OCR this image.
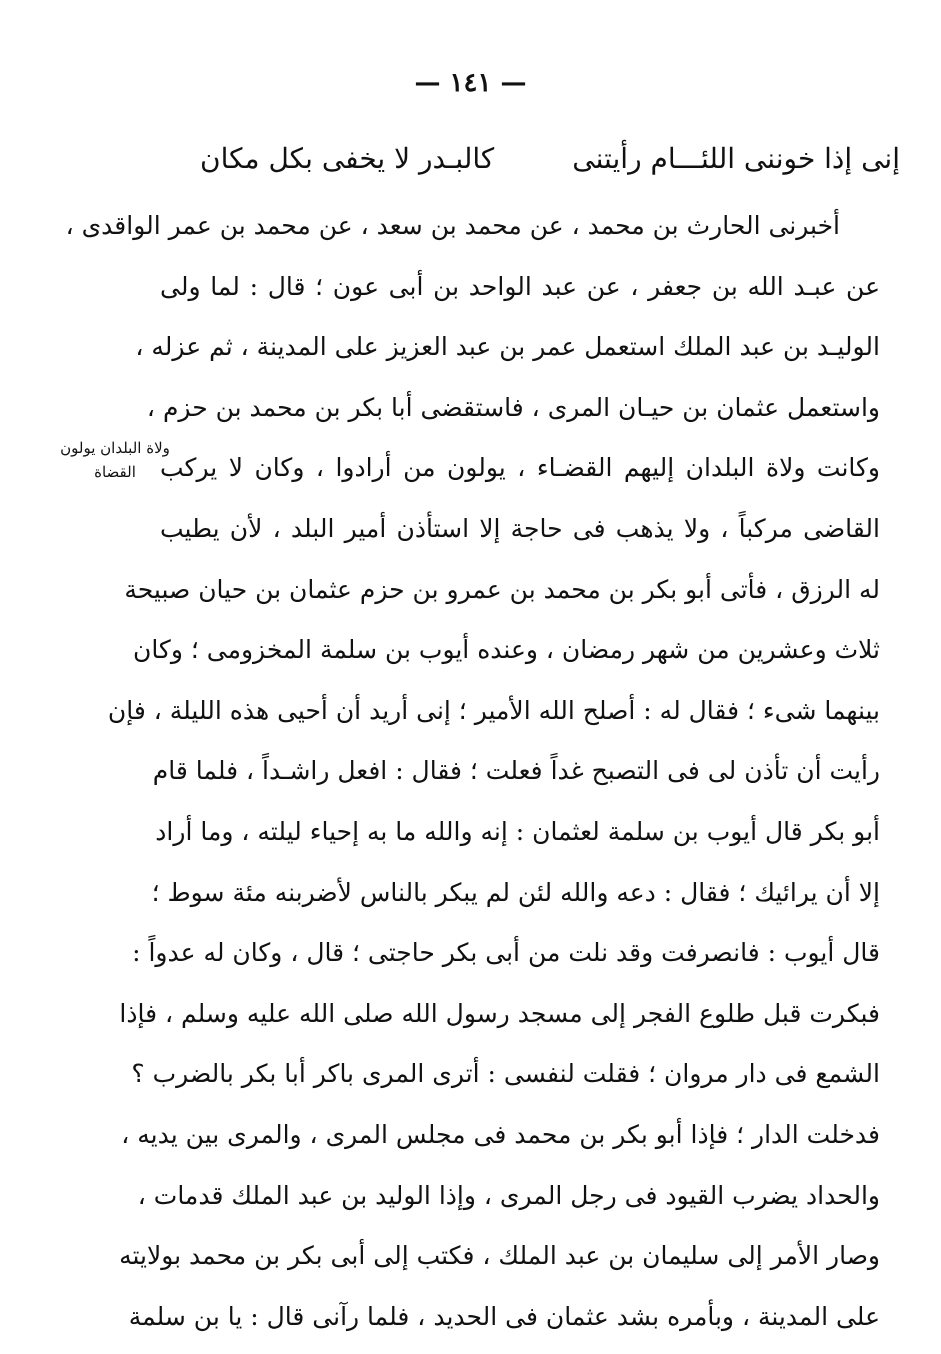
— ١٤١ —
إنى إذا خوننى اللئـــام رأيتنى
كالبـدر لا يخفى بكل مكان
ولاة البلدان يولون
القضاة
أخبرنى الحارث بن محمد ، عن محمد بن سعد ، عن محمد بن عمر الواقدى ،
عن عبـد الله بن جعفر ، عن عبد الواحد بن أبى عون ؛ قال : لما ولى
الوليـد بن عبد الملك استعمل عمر بن عبد العزيز على المدينة ، ثم عزله ،
واستعمل عثمان بن حيـان المرى ، فاستقضى أبا بكر بن محمد بن حزم ،
وكانت ولاة البلدان إليهم القضـاء ، يولون من أرادوا ، وكان لا يركب
القاضى مركباً ، ولا يذهب فى حاجة إلا استأذن أمير البلد ، لأن يطيب
له الرزق ، فأتى أبو بكر بن محمد بن عمرو بن حزم عثمان بن حيان صبيحة
ثلاث وعشرين من شهر رمضان ، وعنده أيوب بن سلمة المخزومى ؛ وكان
بينهما شىء ؛ فقال له : أصلح الله الأمير ؛ إنى أريد أن أحيى هذه الليلة ، فإن
رأيت أن تأذن لى فى التصبح غداً فعلت ؛ فقال : افعل راشـداً ، فلما قام
أبو بكر قال أيوب بن سلمة لعثمان : إنه والله ما به إحياء ليلته ، وما أراد
إلا أن يرائيك ؛ فقال : دعه والله لئن لم يبكر بالناس لأضربنه مئة سوط ؛
قال أيوب : فانصرفت وقد نلت من أبى بكر حاجتى ؛ قال ، وكان له عدواً :
فبكرت قبل طلوع الفجر إلى مسجد رسول الله صلى الله عليه وسلم ، فإذا
الشمع فى دار مروان ؛ فقلت لنفسى : أترى المرى باكر أبا بكر بالضرب ؟
فدخلت الدار ؛ فإذا أبو بكر بن محمد فى مجلس المرى ، والمرى بين يديه ،
والحداد يضرب القيود فى رجل المرى ، وإذا الوليد بن عبد الملك قدمات ،
وصار الأمر إلى سليمان بن عبد الملك ، فكتب إلى أبى بكر بن محمد بولايته
على المدينة ، وبأمره بشد عثمان فى الحديد ، فلما رآنى قال : يا بن سلمة
